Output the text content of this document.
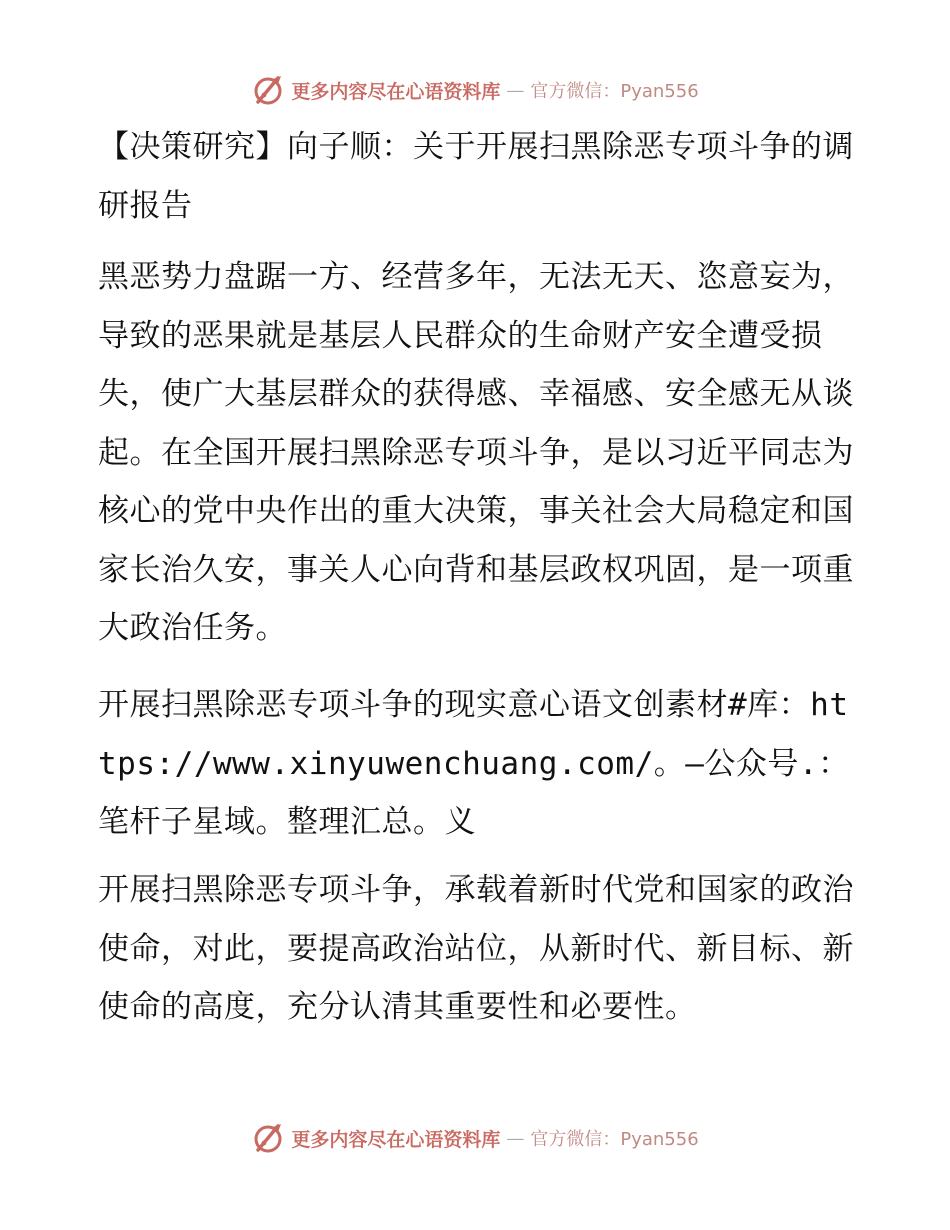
更多内容尽在心语资料库 — 官方微信：Pyan556

【决策研究】向子顺：关于开展扫黑除恶专项斗争的调研报告

黑恶势力盘踞一方、经营多年，无法无天、恣意妄为，导致的恶果就是基层人民群众的生命财产安全遭受损失，使广大基层群众的获得感、幸福感、安全感无从谈起。在全国开展扫黑除恶专项斗争，是以习近平同志为核心的党中央作出的重大决策，事关社会大局稳定和国家长治久安，事关人心向背和基层政权巩固，是一项重大政治任务。

开展扫黑除恶专项斗争的现实意心语文创素材#库：https://www.xinyuwenchuang.com/。—公众号.：笔杆子星域。整理汇总。义

开展扫黑除恶专项斗争，承载着新时代党和国家的政治使命，对此，要提高政治站位，从新时代、新目标、新使命的高度，充分认清其重要性和必要性。

更多内容尽在心语资料库 — 官方微信：Pyan556
